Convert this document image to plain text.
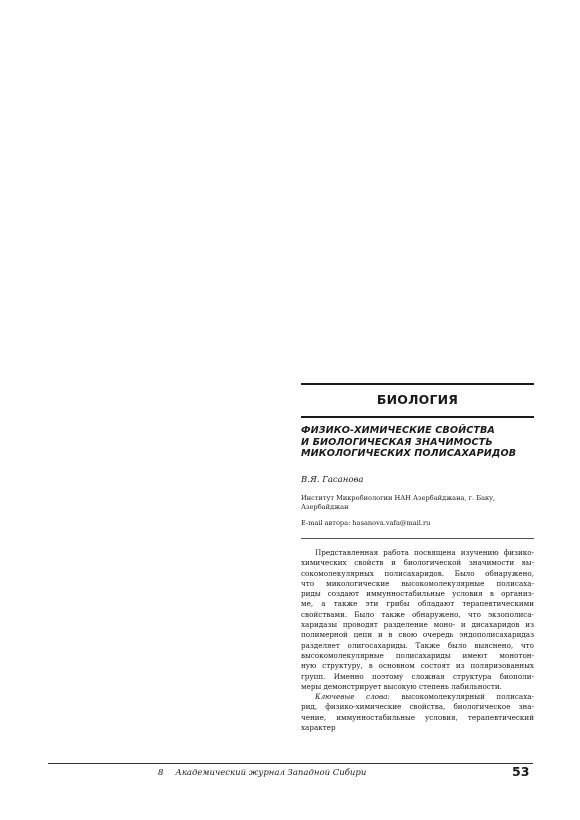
БИОЛОГИЯ
ФИЗИКО-ХИМИЧЕСКИЕ СВОЙСТВА
И БИОЛОГИЧЕСКАЯ ЗНАЧИМОСТЬ
МИКОЛОГИЧЕСКИХ ПОЛИСАХАРИДОВ
В.Я. Гасанова
Институт Микробиологии НАН Азербайджана, г. Баку,
Азербайджан
E-mail автора: hasanova.vafa@mail.ru
Представленная работа посвящена изучению физико-
химических свойств и биологической значимости вы-
сокомолекулярных полисахаридов. Было обнаружено,
что микологические высокомолекулярные полисаха-
риды создают иммунностабильные условия в организ-
ме, а также эти грибы обладают терапевтическими
свойствами. Было также обнаружено, что экзополиса-
харидазы проводят разделение моно- и дисахаридов из
полимерной цепи и в свою очередь эндополисахаридаз
разделяет олигосахариды. Также было выяснено, что
высокомолекулярные полисахариды имеют монотон-
ную структуру, в основном состоят из поляризованных
групп. Именно поэтому сложная структура биополи-
меры демонстрирует высокую степень лабильности.
Ключевые слова: высокомолекулярный полисаха-
рид, физико-химические свойства, биологическое зна-
чение, иммунностабильные условия, терапевтический
характер
8 Академический журнал Западной Сибири	53
